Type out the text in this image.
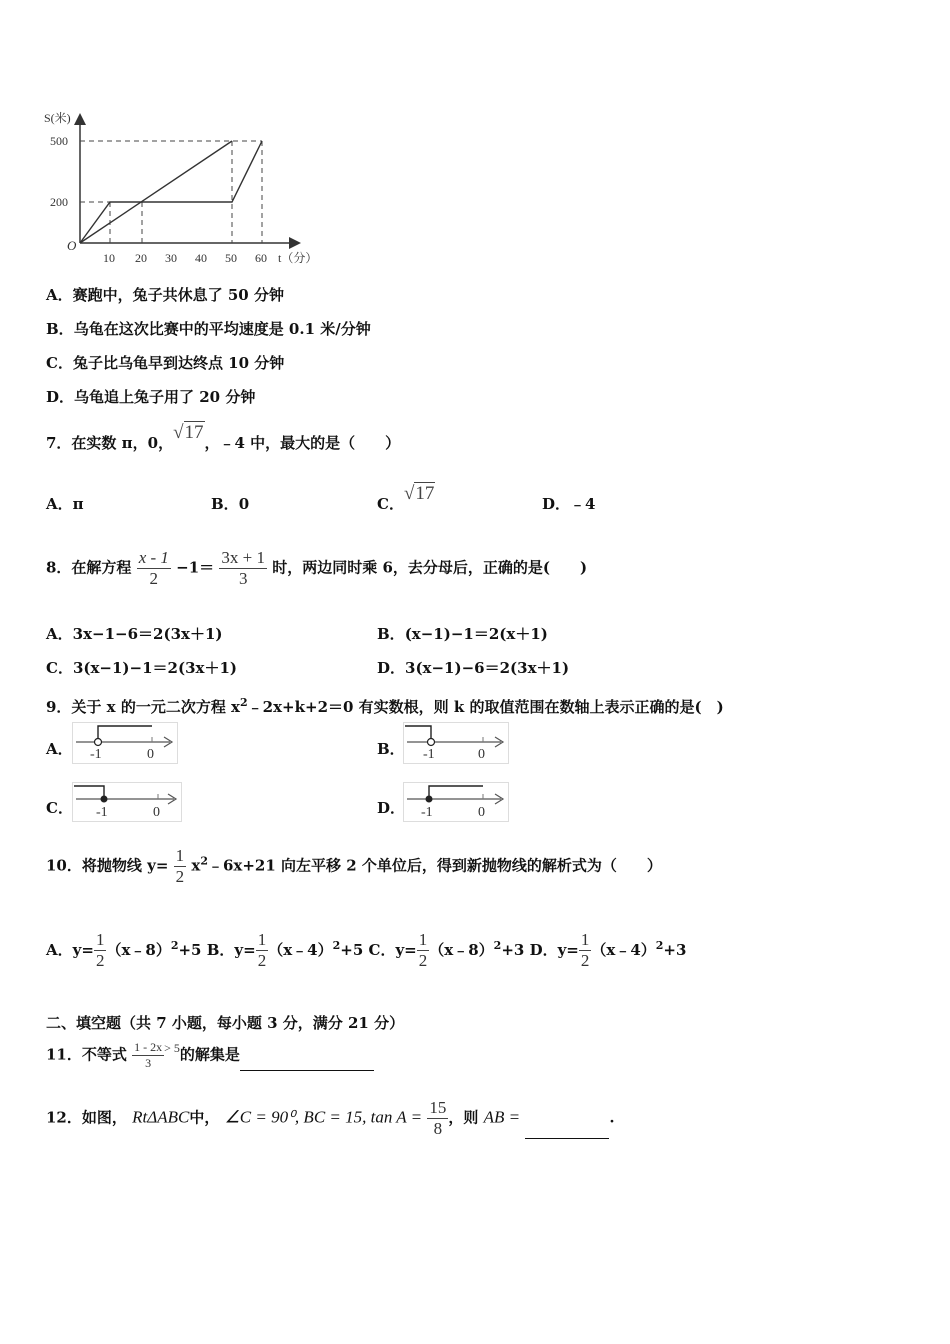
S(米)
500
200
O
10 20 30 40 50 60 t（分）
A．赛跑中，兔子共休息了 50 分钟
B．乌龟在这次比赛中的平均速度是 0.1 米/分钟
C．兔子比乌龟早到达终点 10 分钟
D．乌龟追上兔子用了 20 分钟
7．在实数 π，0，√17，﹣4 中，最大的是（　　）
A．π	B．0	C．√17	D．﹣4
8．在解方程 $\frac{x - 1}{2} -1= \frac{3x + 1}{3}$ 时，两边同时乘 6，去分母后，正确的是(　　)
A．3x−1−6＝2(3x＋1)	B．(x−1)−1＝2(x＋1)
C．3(x−1)−1＝2(3x＋1)	D．3(x−1)−6＝2(3x＋1)
9．关于 x 的一元二次方程 $x^2﹣2x+k+2=0$ 有实数根，则 k 的取值范围在数轴上表示正确的是(　)
A． -1	0	B． -1	0
C． -1	0	D． -1	0
10．将抛物线 $y= \frac{1}{2}$ $x^2﹣6x+21$ 向左平移 2 个单位后，得到新抛物线的解析式为（　　）
A．$y= \frac{1}{2}$ （x﹣8）$^2$+5 B．$y= \frac{1}{2}$ （x﹣4）$^2$+5 C．$y= \frac{1}{2}$ （x﹣8）$^2$+3 D．$y= \frac{1}{2}$ （x﹣4）$^2$+3
二、填空题（共 7 小题，每小题 3 分，满分 21 分）
11．不等式 $\frac{1 - 2x}{3} ^{> 5}$的解集是
12．如图， RtΔABC中， ∠C = 90⁰, BC = 15, $\tan A = \frac{15}{8}$ ，则 AB =	.
